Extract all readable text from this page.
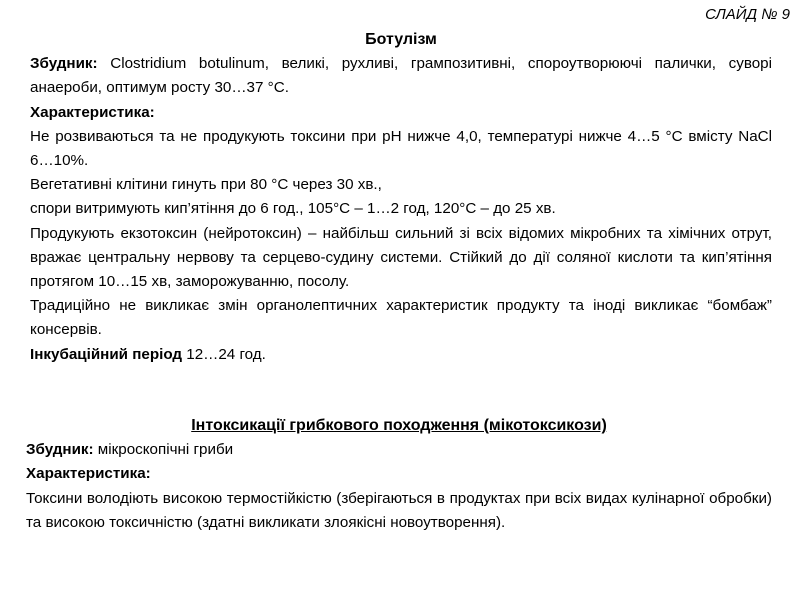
СЛАЙД № 9
Ботулізм

Збудник: Clostridium botulinum, великі, рухливі, грампозитивні, спороутворюючі палички, суворі анаероби, оптимум росту 30…37 °С.

Характеристика:

Не розвиваються та не продукують токсини при рН нижче 4,0, температурі нижче 4…5 °С вмісту NaCl 6…10%.

Вегетативні клітини гинуть при 80 °С через 30 хв.,

спори витримують кип’ятіння до 6 год., 105°С – 1…2 год, 120°С – до 25 хв.

Продукують екзотоксин (нейротоксин) – найбільш сильний зі всіх відомих мікробних та хімічних отрут, вражає центральну нервову та серцево-судину системи. Стійкий до дії соляної кислоти та кип’ятіння протягом 10…15 хв, заморожуванню, посолу.

Традиційно не викликає змін органолептичних характеристик продукту та іноді викликає “бомбаж” консервів.

Інкубаційний період 12…24 год.

Інтоксикації грибкового походження (мікотоксикози)

Збудник: мікроскопічні гриби

Характеристика:

Токсини володіють високою термостійкістю (зберігаються в продуктах при всіх видах кулінарної обробки) та високою токсичністю (здатні викликати злоякісні новоутворення).
